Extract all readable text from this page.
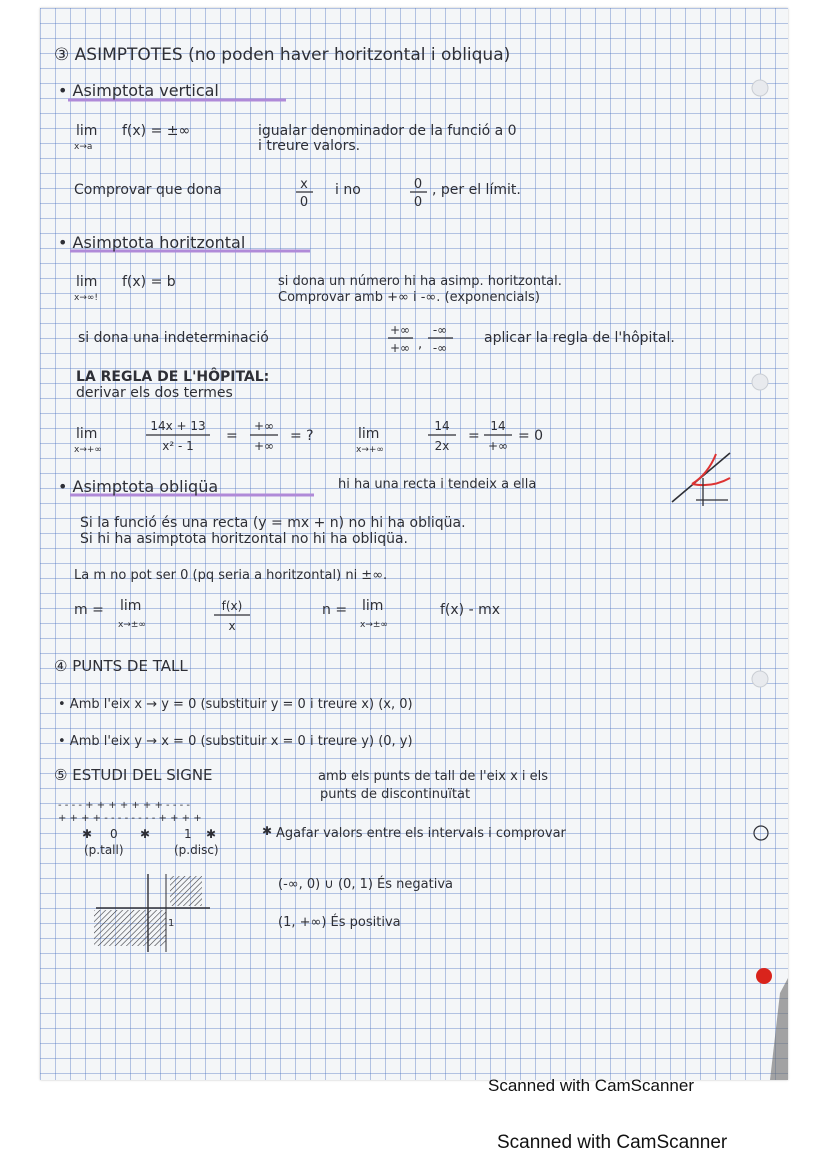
③ ASIMPTOTES (no poden haver horitzontal i obliqua)
• Asimptota vertical
lim
x→a
f(x) = ±∞	igualar denominador de la funció a 0
i treure valors.
Comprovar que dona	x
0
i no	0
0
, per el límit.
• Asimptota horitzontal
lim
x→∞!
f(x) = b	si dona un número hi ha asimp. horitzontal.
Comprovar amb +∞ i -∞. (exponencials)
si dona una indeterminació	+∞
+∞ ,
-∞
-∞
aplicar la regla de l'hôpital.
LA REGLA DE L'HÔPITAL:
derivar els dos termes
lim
x→+∞
14x + 13
x² - 1
=
+∞
+∞
= ?	lim
x→+∞
14
2x
=
14
+∞
= 0
• Asimptota obliqüa	hi ha una recta i tendeix a ella
Si la funció és una recta (y = mx + n) no hi ha obliqüa.
Si hi ha asimptota horitzontal no hi ha obliqüa.
La m no pot ser 0 (pq seria a horitzontal) ni ±∞.
m = lim
x→±∞
f(x)
x
n = lim
x→±∞
f(x) - mx
④ PUNTS DE TALL
• Amb l'eix x → y = 0 (substituir y = 0 i treure x) (x, 0)
• Amb l'eix y → x = 0 (substituir x = 0 i treure y) (0, y)
⑤ ESTUDI DEL SIGNE	amb els punts de tall de l'eix x i els
punts de discontinuïtat
- - - - + + + + + + + - - - -
+ + + + - - - - - - - - + + + +
✱ 0 ✱	1 ✱
(p.tall)	(p.disc)
✱ Agafar valors entre els intervals i comprovar
1
(-∞, 0) ∪ (0, 1) És negativa
(1, +∞) És positiva
Scanned with CamScanner
Scanned with CamScanner
